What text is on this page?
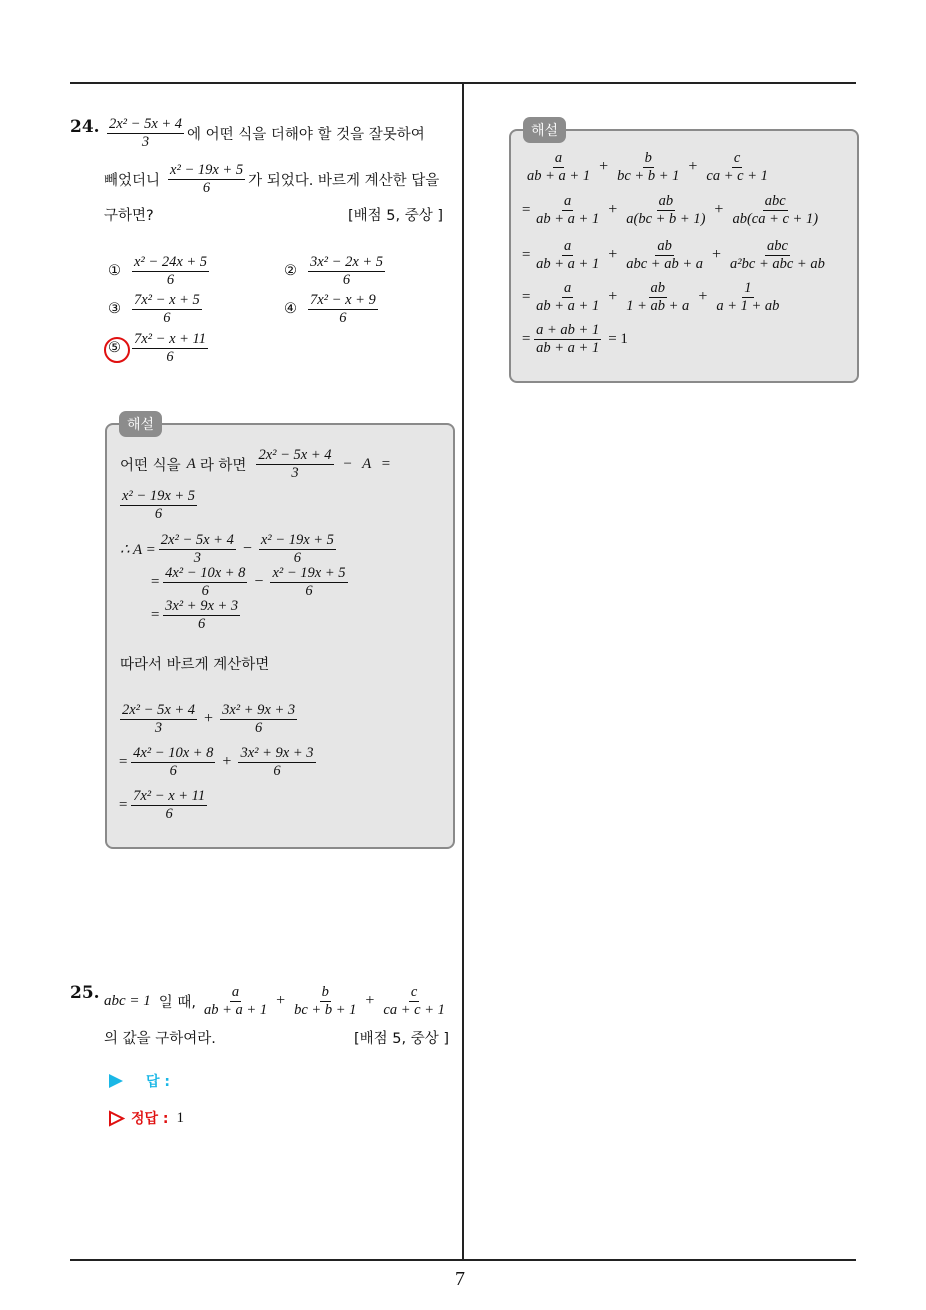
7
24. $\frac{\text{2x² − 5x + 4}}{3}$ 에 어떤 식을 더해야 할 것을 잘못하여
빼었더니 $\frac{\text{x² − 19x + 5}}{6}$ 가 되었다. 바르게 계산한 답을
구하면?	[배점 5, 중상 ]
① $\frac{\text{x² − 24x + 5}}{6}$	② $\frac{\text{3x² − 2x + 5}}{6}$
③ $\frac{\text{7x² − x + 5}}{6}$	④ $\frac{\text{7x² − x + 9}}{6}$
⑤ $\frac{\text{7x² − x + 11}}{6}$
해설
어떤 식을 A 라 하면 $\frac{\text{2x² − 5x + 4}}{3} - A$ =
$\frac{\text{x² − 19x + 5}}{6}$
∴ $A = \frac{\text{2x² − 5x + 4}}{3} - \frac{\text{x² − 19x + 5}}{6}$
= $\frac{\text{4x² − 10x + 8}}{6} - \frac{\text{x² − 19x + 5}}{6}$
= $\frac{\text{3x² + 9x + 3}}{6}$
따라서 바르게 계산하면
$\frac{\text{2x² − 5x + 4}}{3} + \frac{\text{3x² + 9x + 3}}{6}$
= $\frac{\text{4x² − 10x + 8}}{6} + \frac{\text{3x² + 9x + 3}}{6}$
= $\frac{\text{7x² − x + 11}}{6}$
25. abc = 1 일 때, $\frac{a}{ab + a + 1} + \frac{b}{bc + b + 1} + \frac{c}{ca + c + 1}$
의 값을 구하여라.	[배점 5, 중상 ]
답 :
정답 : 1
해설
$\frac{a}{ab + a + 1} + \frac{b}{bc + b + 1} + \frac{c}{ca + c + 1}$
= $\frac{a}{ab + a + 1} + \frac{ab}{a(bc + b + 1)} + \frac{\text{abc}}{ab(ca + c + 1)}$
= $\frac{a}{ab + a + 1} + \frac{ab}{\text{abc + ab + a}} + \frac{\text{abc}}{\text{a²bc + abc + ab}}$
= $\frac{a}{ab + a + 1} + \frac{ab}{1 + ab + a} + \frac{1}{a + 1 + ab}$
= $\frac{a + ab + 1}{ab + a + 1} = 1$
